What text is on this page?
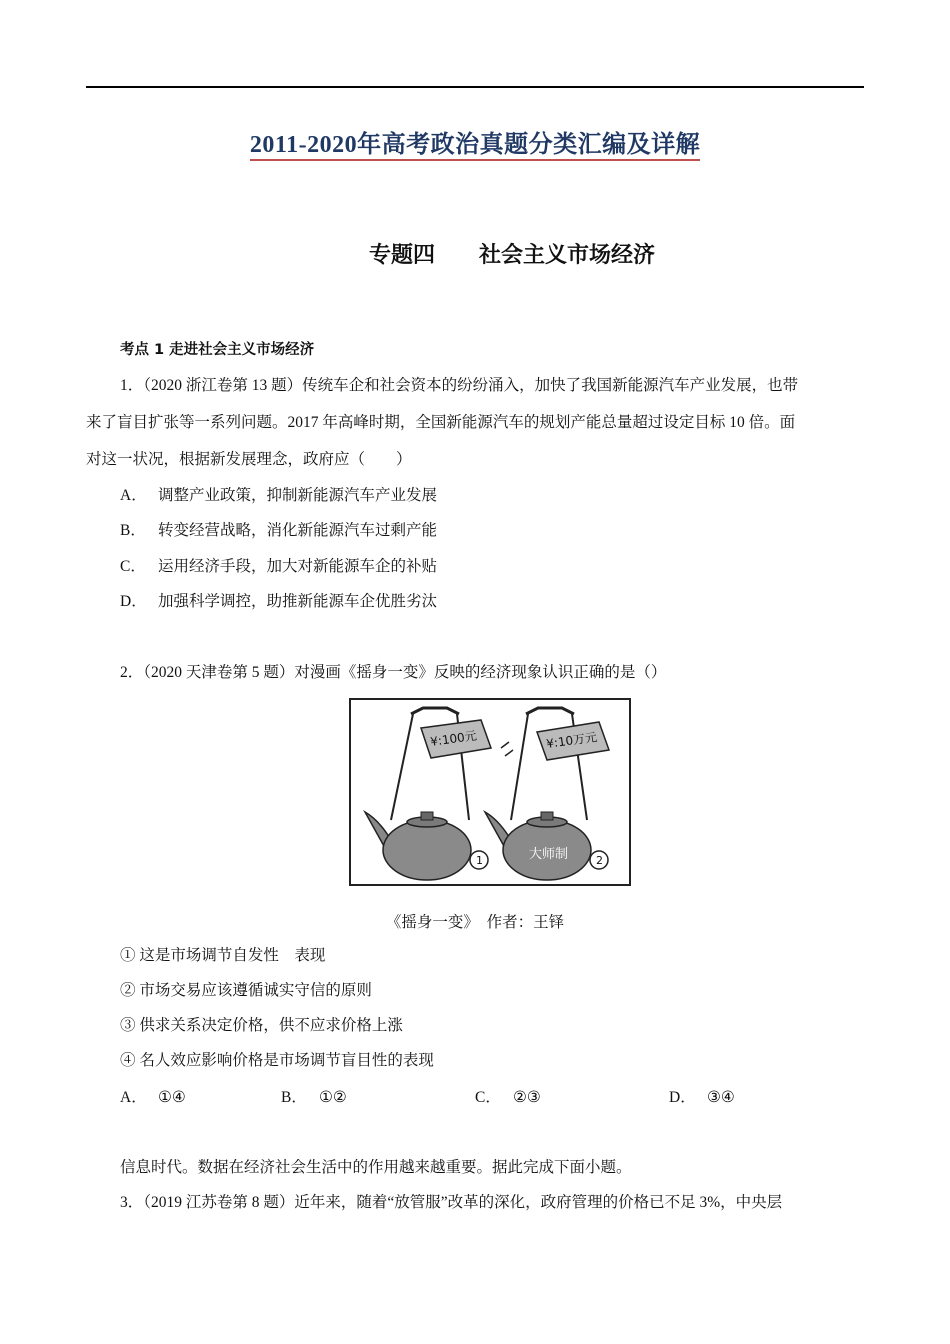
2011-2020年高考政治真题分类汇编及详解
专题四 社会主义市场经济
考点 1 走进社会主义市场经济
1．（2020 浙江卷第 13 题）传统车企和社会资本的纷纷涌入，加快了我国新能源汽车产业发展，也带
来了盲目扩张等一系列问题。2017 年高峰时期，全国新能源汽车的规划产能总量超过设定目标 10 倍。面
对这一状况，根据新发展理念，政府应（　　）
A． 调整产业政策，抑制新能源汽车产业发展
B． 转变经营战略，消化新能源汽车过剩产能
C． 运用经济手段，加大对新能源车企的补贴
D． 加强科学调控，助推新能源车企优胜劣汰
2．（2020 天津卷第 5 题）对漫画《摇身一变》反映的经济现象认识正确的是（）
¥:100元	¥:10万元
大师制
1	2
《摇身一变》　作者：王铎
① 这是市场调节自发性　表现
② 市场交易应该遵循诚实守信的原则
③ 供求关系决定价格，供不应求价格上涨
④ 名人效应影响价格是市场调节盲目性的表现
A． ①④	B． ①②	C． ②③	D． ③④
信息时代。数据在经济社会生活中的作用越来越重要。据此完成下面小题。
3．（2019 江苏卷第 8 题）近年来，随着“放管服”改革的深化，政府管理的价格已不足 3%，中央层
